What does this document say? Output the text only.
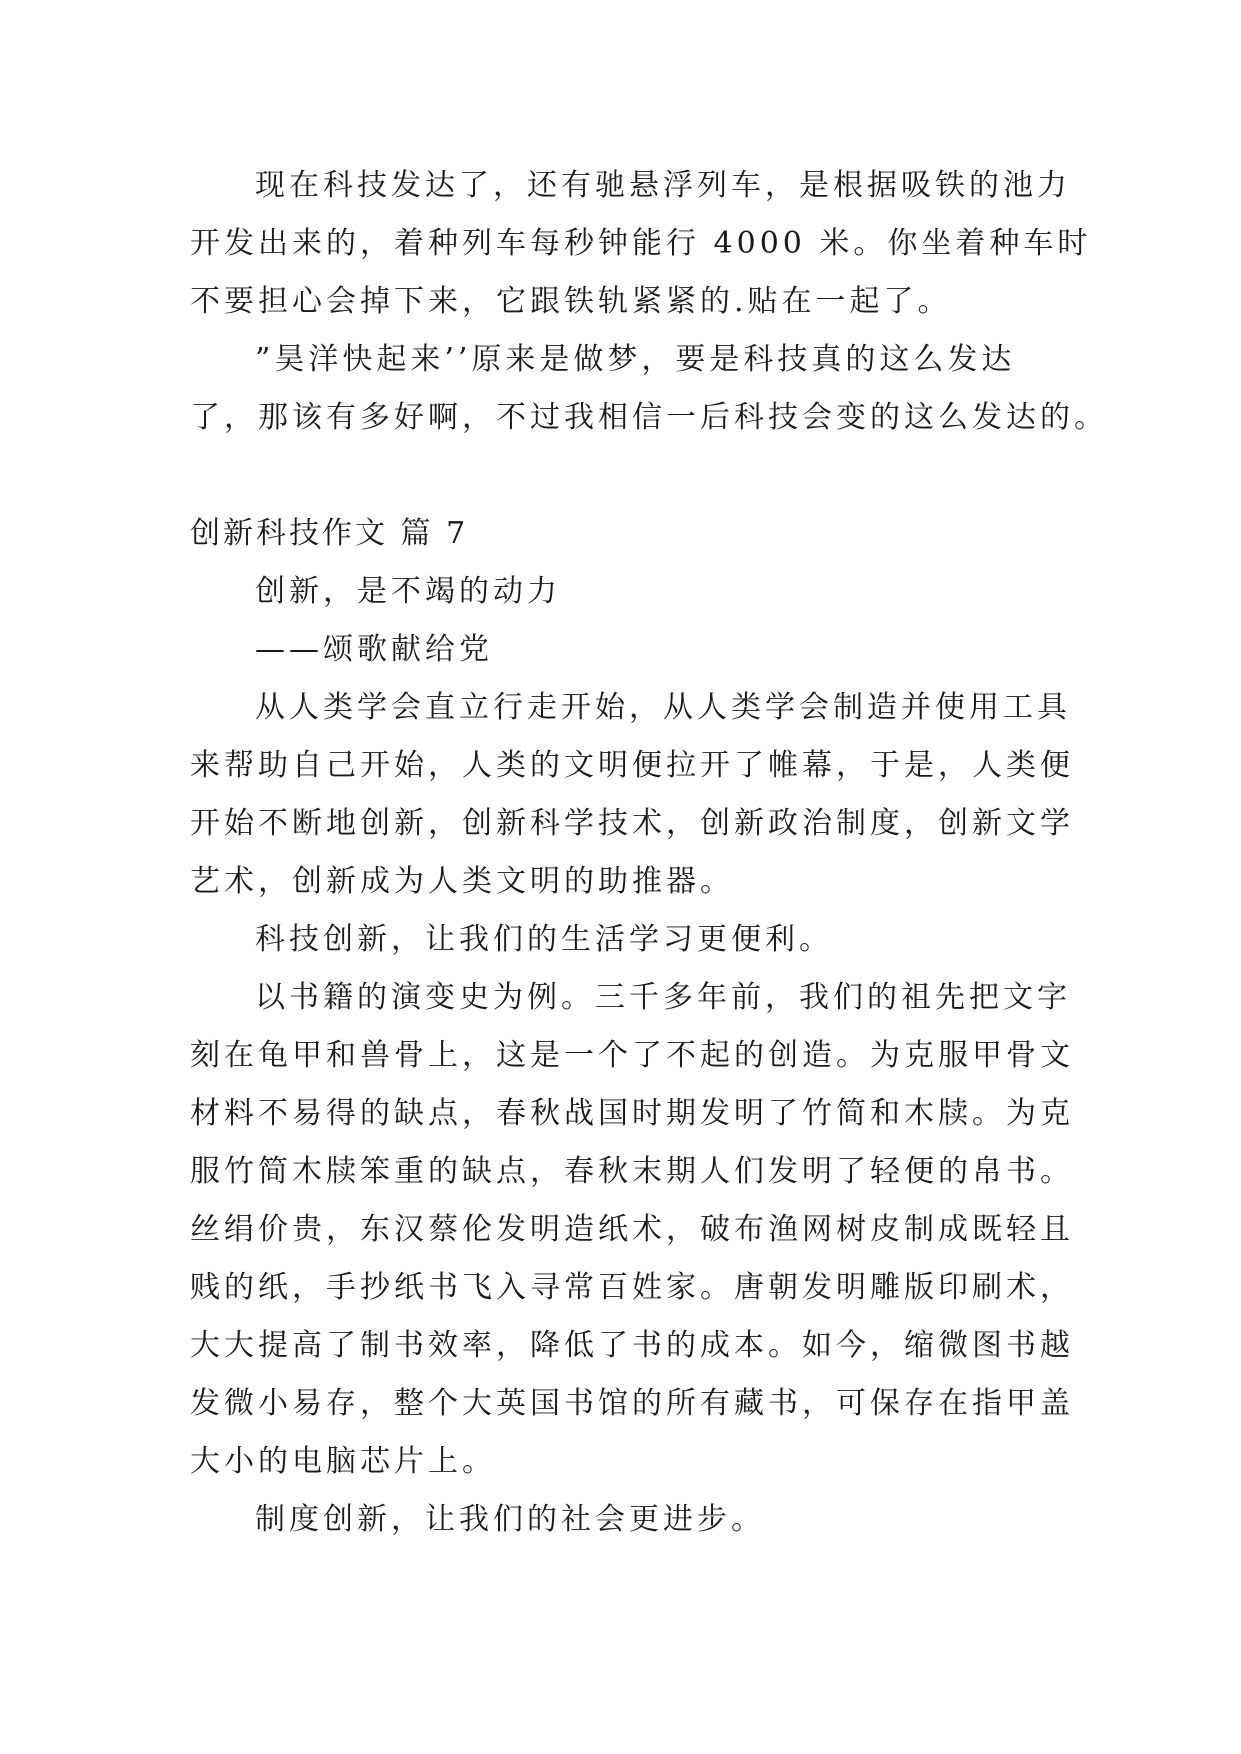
现在科技发达了，还有驰悬浮列车，是根据吸铁的池力
开发出来的，着种列车每秒钟能行 4000 米。你坐着种车时
不要担心会掉下来，它跟铁轨紧紧的.贴在一起了。
”昊洋快起来’’原来是做梦，要是科技真的这么发达
了，那该有多好啊，不过我相信一后科技会变的这么发达的。
创新科技作文 篇 7
创新，是不竭的动力
——颂歌献给党
从人类学会直立行走开始，从人类学会制造并使用工具
来帮助自己开始，人类的文明便拉开了帷幕，于是，人类便
开始不断地创新，创新科学技术，创新政治制度，创新文学
艺术，创新成为人类文明的助推器。
科技创新，让我们的生活学习更便利。
以书籍的演变史为例。三千多年前，我们的祖先把文字
刻在龟甲和兽骨上，这是一个了不起的创造。为克服甲骨文
材料不易得的缺点，春秋战国时期发明了竹简和木牍。为克
服竹简木牍笨重的缺点，春秋末期人们发明了轻便的帛书。
丝绢价贵，东汉蔡伦发明造纸术，破布渔网树皮制成既轻且
贱的纸，手抄纸书飞入寻常百姓家。唐朝发明雕版印刷术，
大大提高了制书效率，降低了书的成本。如今，缩微图书越
发微小易存，整个大英国书馆的所有藏书，可保存在指甲盖
大小的电脑芯片上。
制度创新，让我们的社会更进步。
